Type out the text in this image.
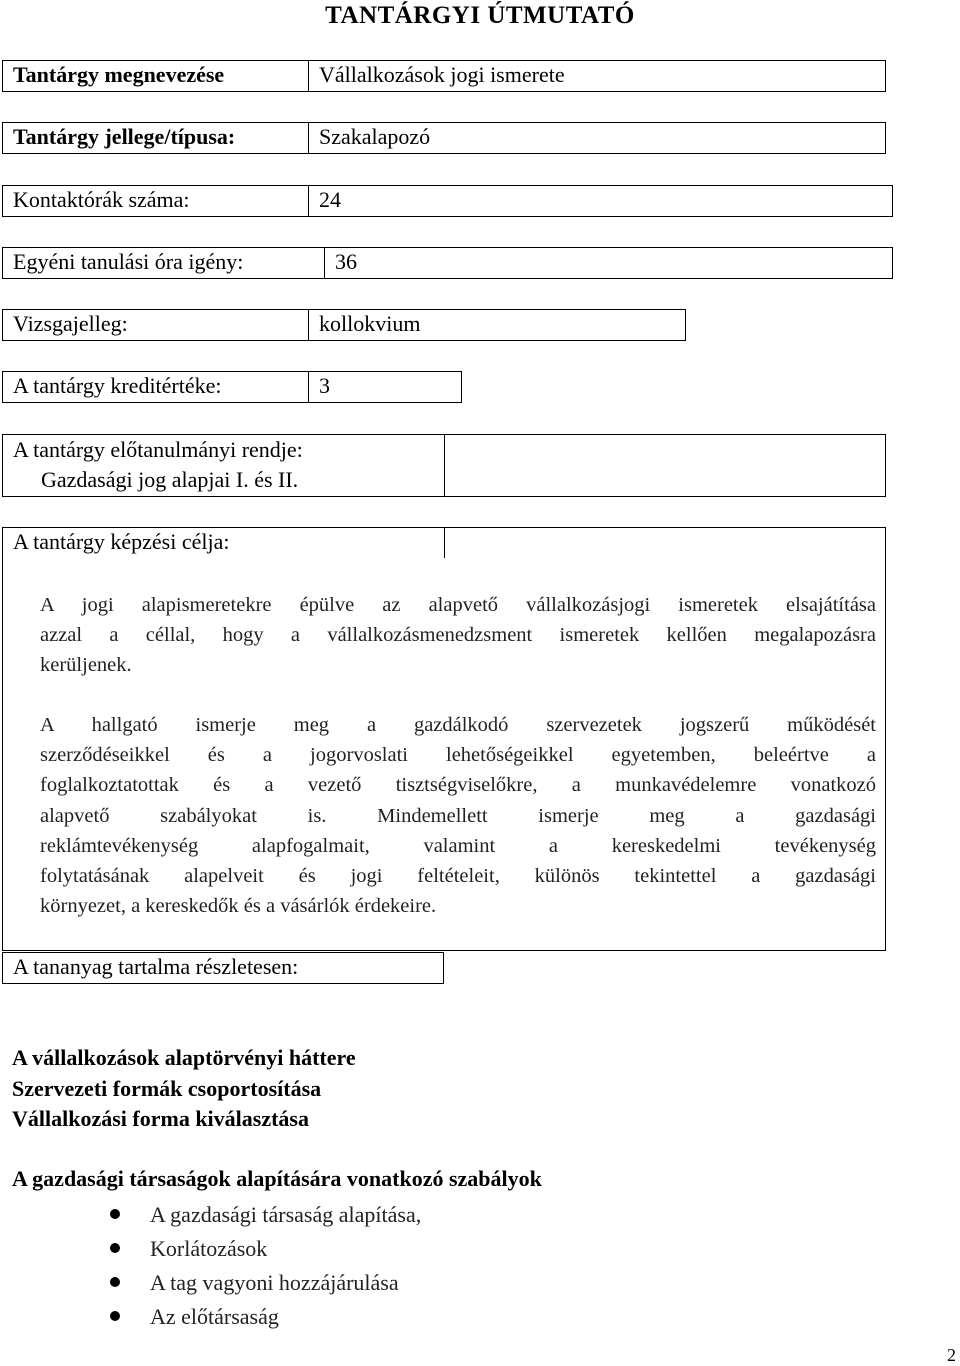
TANTÁRGYI ÚTMUTATÓ
Tantárgy megnevezése	Vállalkozások jogi ismerete
Tantárgy jellege/típusa:	Szakalapozó
Kontaktórák száma:	24
Egyéni tanulási óra igény:	36
Vizsgajelleg:	kollokvium
A tantárgy kreditértéke:	3
A tantárgy előtanulmányi rendje:
Gazdasági jog alapjai I. és II.
A tantárgy képzési célja:
A jogi alapismeretekre épülve az alapvető vállalkozásjogi ismeretek elsajátítása
azzal a céllal, hogy a vállalkozásmenedzsment ismeretek kellően megalapozásra
kerüljenek.
A hallgató ismerje meg a gazdálkodó szervezetek jogszerű működését
szerződéseikkel és a jogorvoslati lehetőségeikkel egyetemben, beleértve a
foglalkoztatottak és a vezető tisztségviselőkre, a munkavédelemre vonatkozó
alapvető szabályokat is. Mindemellett ismerje meg a gazdasági
reklámtevékenység alapfogalmait, valamint a kereskedelmi tevékenység
folytatásának alapelveit és jogi feltételeit, különös tekintettel a gazdasági
környezet, a kereskedők és a vásárlók érdekeire.
A tananyag tartalma részletesen:
A vállalkozások alaptörvényi háttere
Szervezeti formák csoportosítása
Vállalkozási forma kiválasztása
A gazdasági társaságok alapítására vonatkozó szabályok
A gazdasági társaság alapítása,
Korlátozások
A tag vagyoni hozzájárulása
Az előtársaság
2
